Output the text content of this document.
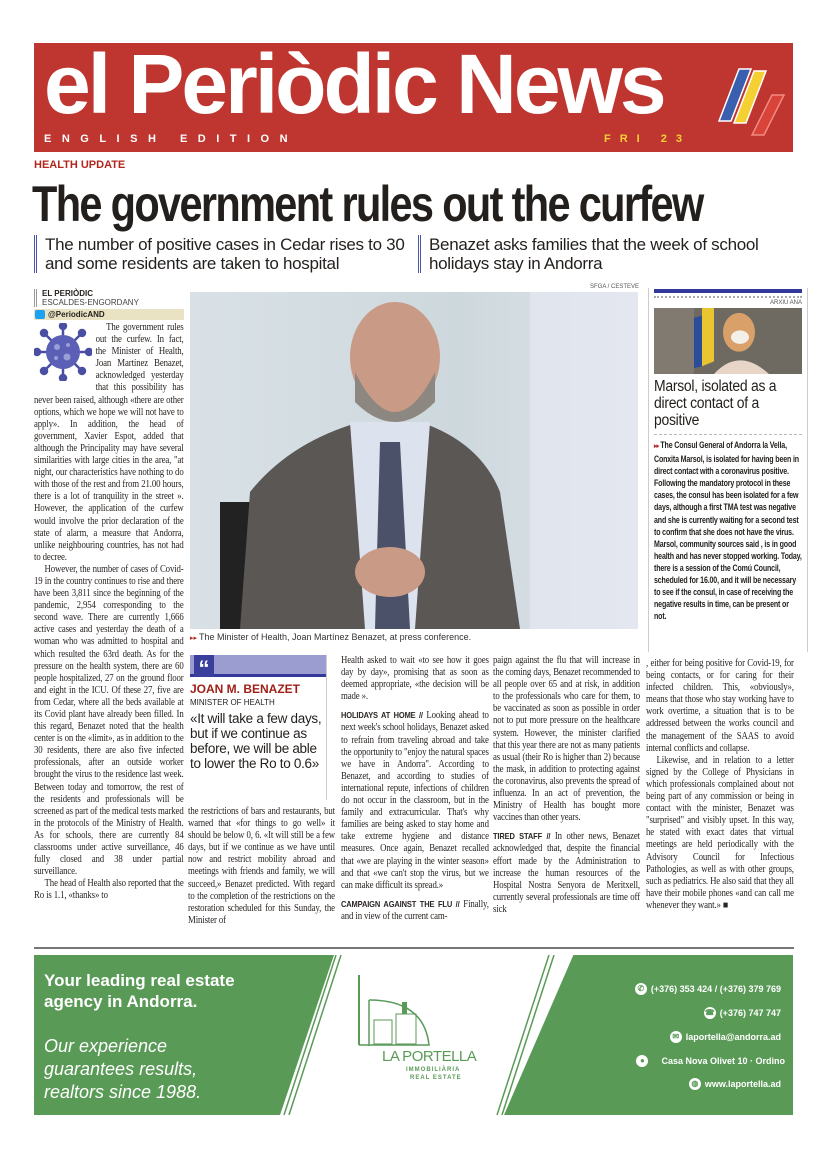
el Periòdic News
ENGLISH EDITION	FRI 23
HEALTH UPDATE
The government rules out the curfew
The number of positive cases in Cedar rises to 30 and some residents are taken to hospital
Benazet asks families that the week of school holidays stay in Andorra
EL PERIÒDIC
ESCALDES-ENGORDANY
@PeriodicAND

The government rules out the curfew. In fact, the Minister of Health, Joan Martínez Benazet, acknowledged yesterday that this possibility has never been raised, although «there are other options, which we hope we will not have to apply». In addition, the head of government, Xavier Espot, added that although the Principality may have several similarities with large cities in the area, "at night, our characteristics have nothing to do with those of the rest and from 21.00 hours, there is a lot of tranquility in the street ». However, the application of the curfew would involve the prior declaration of the state of alarm, a measure that Andorra, unlike neighbouring countries, has not had to decree.

However, the number of cases of Covid-19 in the country continues to rise and there have been 3,811 since the beginning of the pandemic, 2,954 corresponding to the second wave. There are currently 1,666 active cases and yesterday the death of a woman who was admitted to hospital and which resulted the 63rd death. As for the pressure on the health system, there are 60 people hospitalized, 27 on the ground floor and eight in the ICU. Of these 27, five are from Cedar, where all the beds available at its Covid plant have already been filled. In this regard, Benazet noted that the health center is on the «limit», as in addition to the 30 residents, there are also five infected professionals, after an outside worker brought the virus to the residence last week. Between today and tomorrow, the rest of the residents and professionals will be screened as part of the medical tests marked in the protocols of the Ministry of Health. As for schools, there are currently 84 classrooms under active surveillance, 46 fully closed and 38 under partial surveillance.

The head of Health also reported that the Ro is 1.1, «thanks» to

SFGA / CESTEVE
▸▸ The Minister of Health, Joan Martínez Benazet, at press conference.
“
JOAN M. BENAZET
MINISTER OF HEALTH
«It will take a few days, but if we continue as before, we will be able to lower the Ro to 0.6»

the restrictions of bars and restaurants, but warned that «for things to go well» it should be below 0, 6. «It will still be a few days, but if we continue as we have until now and restrict mobility abroad and meetings with friends and family, we will succeed,» Benazet predicted. With regard to the completion of the restrictions on the restoration scheduled for this Sunday, the Minister of

Health asked to wait «to see how it goes day by day», promising that as soon as deemed appropriate, «the decision will be made ».

HOLIDAYS AT HOME // Looking ahead to next week's school holidays, Benazet asked to refrain from traveling abroad and take the opportunity to "enjoy the natural spaces we have in Andorra". According to Benazet, and according to studies of international repute, infections of children do not occur in the classroom, but in the family and extracurricular. That's why families are being asked to stay home and take extreme hygiene and distance measures. Once again, Benazet recalled that «we are playing in the winter season» and that «we can't stop the virus, but we can make difficult its spread.»

CAMPAIGN AGAINST THE FLU // Finally, and in view of the current cam-

paign against the flu that will increase in the coming days, Benazet recommended to all people over 65 and at risk, in addition to the professionals who care for them, to be vaccinated as soon as possible in order not to put more pressure on the healthcare system. However, the minister clarified that this year there are not as many patients as usual (their Ro is higher than 2) because the mask, in addition to protecting against the coronavirus, also prevents the spread of influenza. In an act of prevention, the Ministry of Health has bought more vaccines than other years.

TIRED STAFF // In other news, Benazet acknowledged that, despite the financial effort made by the Administration to increase the human resources of the Hospital Nostra Senyora de Meritxell, currently several professionals are time off sick

, either for being positive for Covid-19, for being contacts, or for caring for their infected children. This, «obviously», means that those who stay working have to work overtime, a situation that is to be addressed between the works council and the management of the SAAS to avoid internal conflicts and collapse.

Likewise, and in relation to a letter signed by the College of Physicians in which professionals complained about not being part of any commission or being in contact with the minister, Benazet was "surprised" and visibly upset. In this way, he stated with exact dates that virtual meetings are held periodically with the Advisory Council for Infectious Pathologies, as well as with other groups, such as pediatrics. He also said that they all have their mobile phones «and can call me whenever they want.» ■

ARXIU ANA
Marsol, isolated as a direct contact of a positive
▸▸ The Consul General of Andorra la Vella, Conxita Marsol, is isolated for having been in direct contact with a coronavirus positive. Following the mandatory protocol in these cases, the consul has been isolated for a few days, although a first TMA test was negative and she is currently waiting for a second test to confirm that she does not have the virus. Marsol, community sources said , is in good health and has never stopped working. Today, there is a session of the Comú Council, scheduled for 16.00, and it will be necessary to see if the consul, in case of receiving the negative results in time, can be present or not.
Your leading real estate agency in Andorra.
Our experience guarantees results, realtors since 1988.
LA PORTELLA
IMMOBILIÀRIA
REAL ESTATE
✆ (+376) 353 424 / (+376) 379 769
☎ (+376) 747 747
✉ laportella@andorra.ad
●
	Casa Nova Olivet 10 · Ordino
◍ www.laportella.ad
